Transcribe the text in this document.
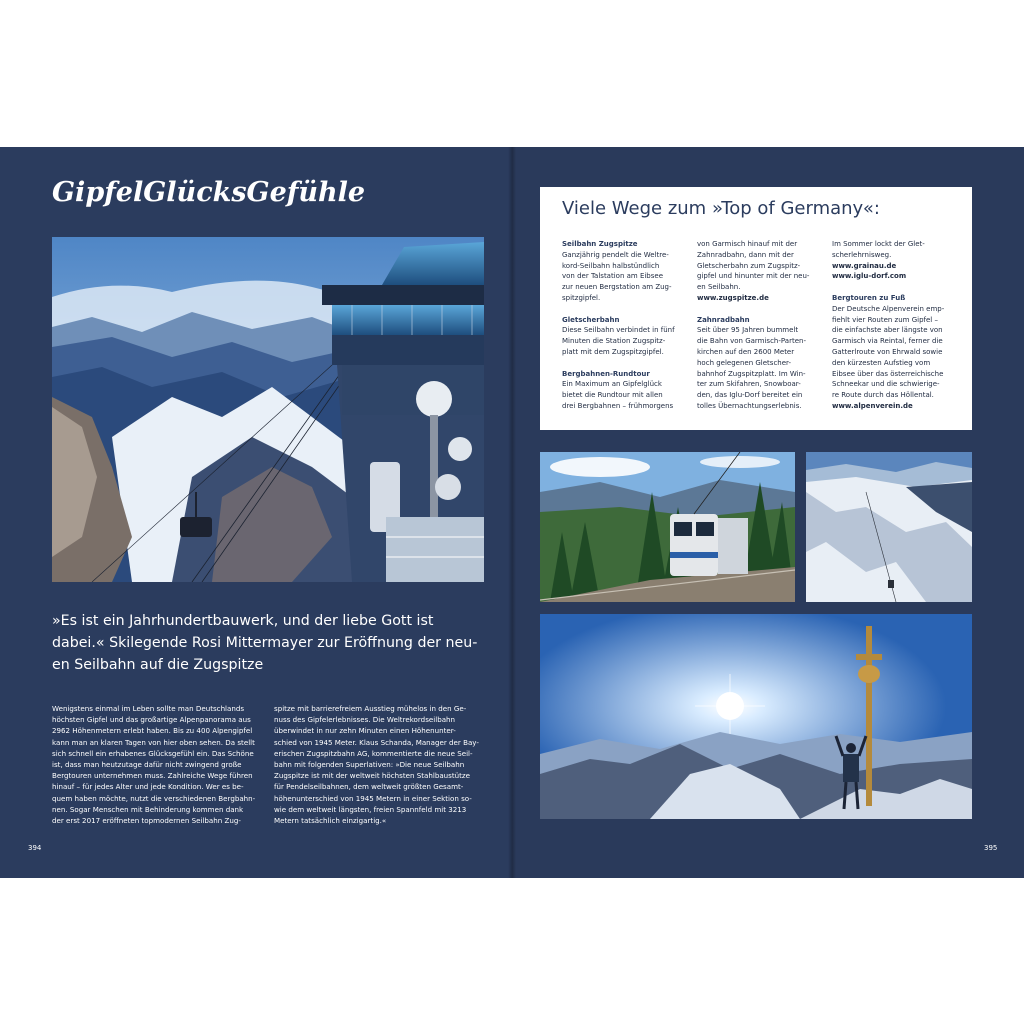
GipfelGlücksGefühle
»Es ist ein Jahrhundertbauwerk, und der liebe Gott ist
dabei.« Skilegende Rosi Mittermayer zur Eröffnung der neu-
en Seilbahn auf die Zugspitze
Wenigstens einmal im Leben sollte man Deutschlands
höchsten Gipfel und das großartige Alpenpanorama aus
2962 Höhenmetern erlebt haben. Bis zu 400 Alpengipfel
kann man an klaren Tagen von hier oben sehen. Da stellt
sich schnell ein erhabenes Glücksgefühl ein. Das Schöne
ist, dass man heutzutage dafür nicht zwingend große
Bergtouren unternehmen muss. Zahlreiche Wege führen
hinauf – für jedes Alter und jede Kondition. Wer es be-
quem haben möchte, nutzt die verschiedenen Bergbahn-
nen. Sogar Menschen mit Behinderung kommen dank
der erst 2017 eröffneten topmodernen Seilbahn Zug-
spitze mit barrierefreiem Ausstieg mühelos in den Ge-
nuss des Gipfelerlebnisses. Die Weltrekordseilbahn
überwindet in nur zehn Minuten einen Höhenunter-
schied von 1945 Meter. Klaus Schanda, Manager der Bay-
erischen Zugspitzbahn AG, kommentierte die neue Seil-
bahn mit folgenden Superlativen: »Die neue Seilbahn
Zugspitze ist mit der weltweit höchsten Stahlbaustütze
für Pendelseilbahnen, dem weltweit größten Gesamt-
höhenunterschied von 1945 Metern in einer Sektion so-
wie dem weltweit längsten, freien Spannfeld mit 3213
Metern tatsächlich einzigartig.«
394
Viele Wege zum »Top of Germany«:
Seilbahn Zugspitze
Ganzjährig pendelt die Weltre-
kord-Seilbahn halbstündlich
von der Talstation am Eibsee
zur neuen Bergstation am Zug-
spitzgipfel.
Gletscherbahn
Diese Seilbahn verbindet in fünf
Minuten die Station Zugspitz-
platt mit dem Zugspitzgipfel.
Bergbahnen-Rundtour
Ein Maximum an Gipfelglück
bietet die Rundtour mit allen
drei Bergbahnen – frühmorgens
von Garmisch hinauf mit der
Zahnradbahn, dann mit der
Gletscherbahn zum Zugspitz-
gipfel und hinunter mit der neu-
en Seilbahn.
www.zugspitze.de
Zahnradbahn
Seit über 95 Jahren bummelt
die Bahn von Garmisch-Parten-
kirchen auf den 2600 Meter
hoch gelegenen Gletscher-
bahnhof Zugspitzplatt. Im Win-
ter zum Skifahren, Snowboar-
den, das Iglu-Dorf bereitet ein
tolles Übernachtungserlebnis.
Im Sommer lockt der Glet-
scherlehrnisweg.
www.grainau.de
www.iglu-dorf.com
Bergtouren zu Fuß
Der Deutsche Alpenverein emp-
fiehlt vier Routen zum Gipfel –
die einfachste aber längste von
Garmisch via Reintal, ferner die
Gatterlroute von Ehrwald sowie
den kürzesten Aufstieg vom
Eibsee über das österreichische
Schneekar und die schwierige-
re Route durch das Höllental.
www.alpenverein.de
395
